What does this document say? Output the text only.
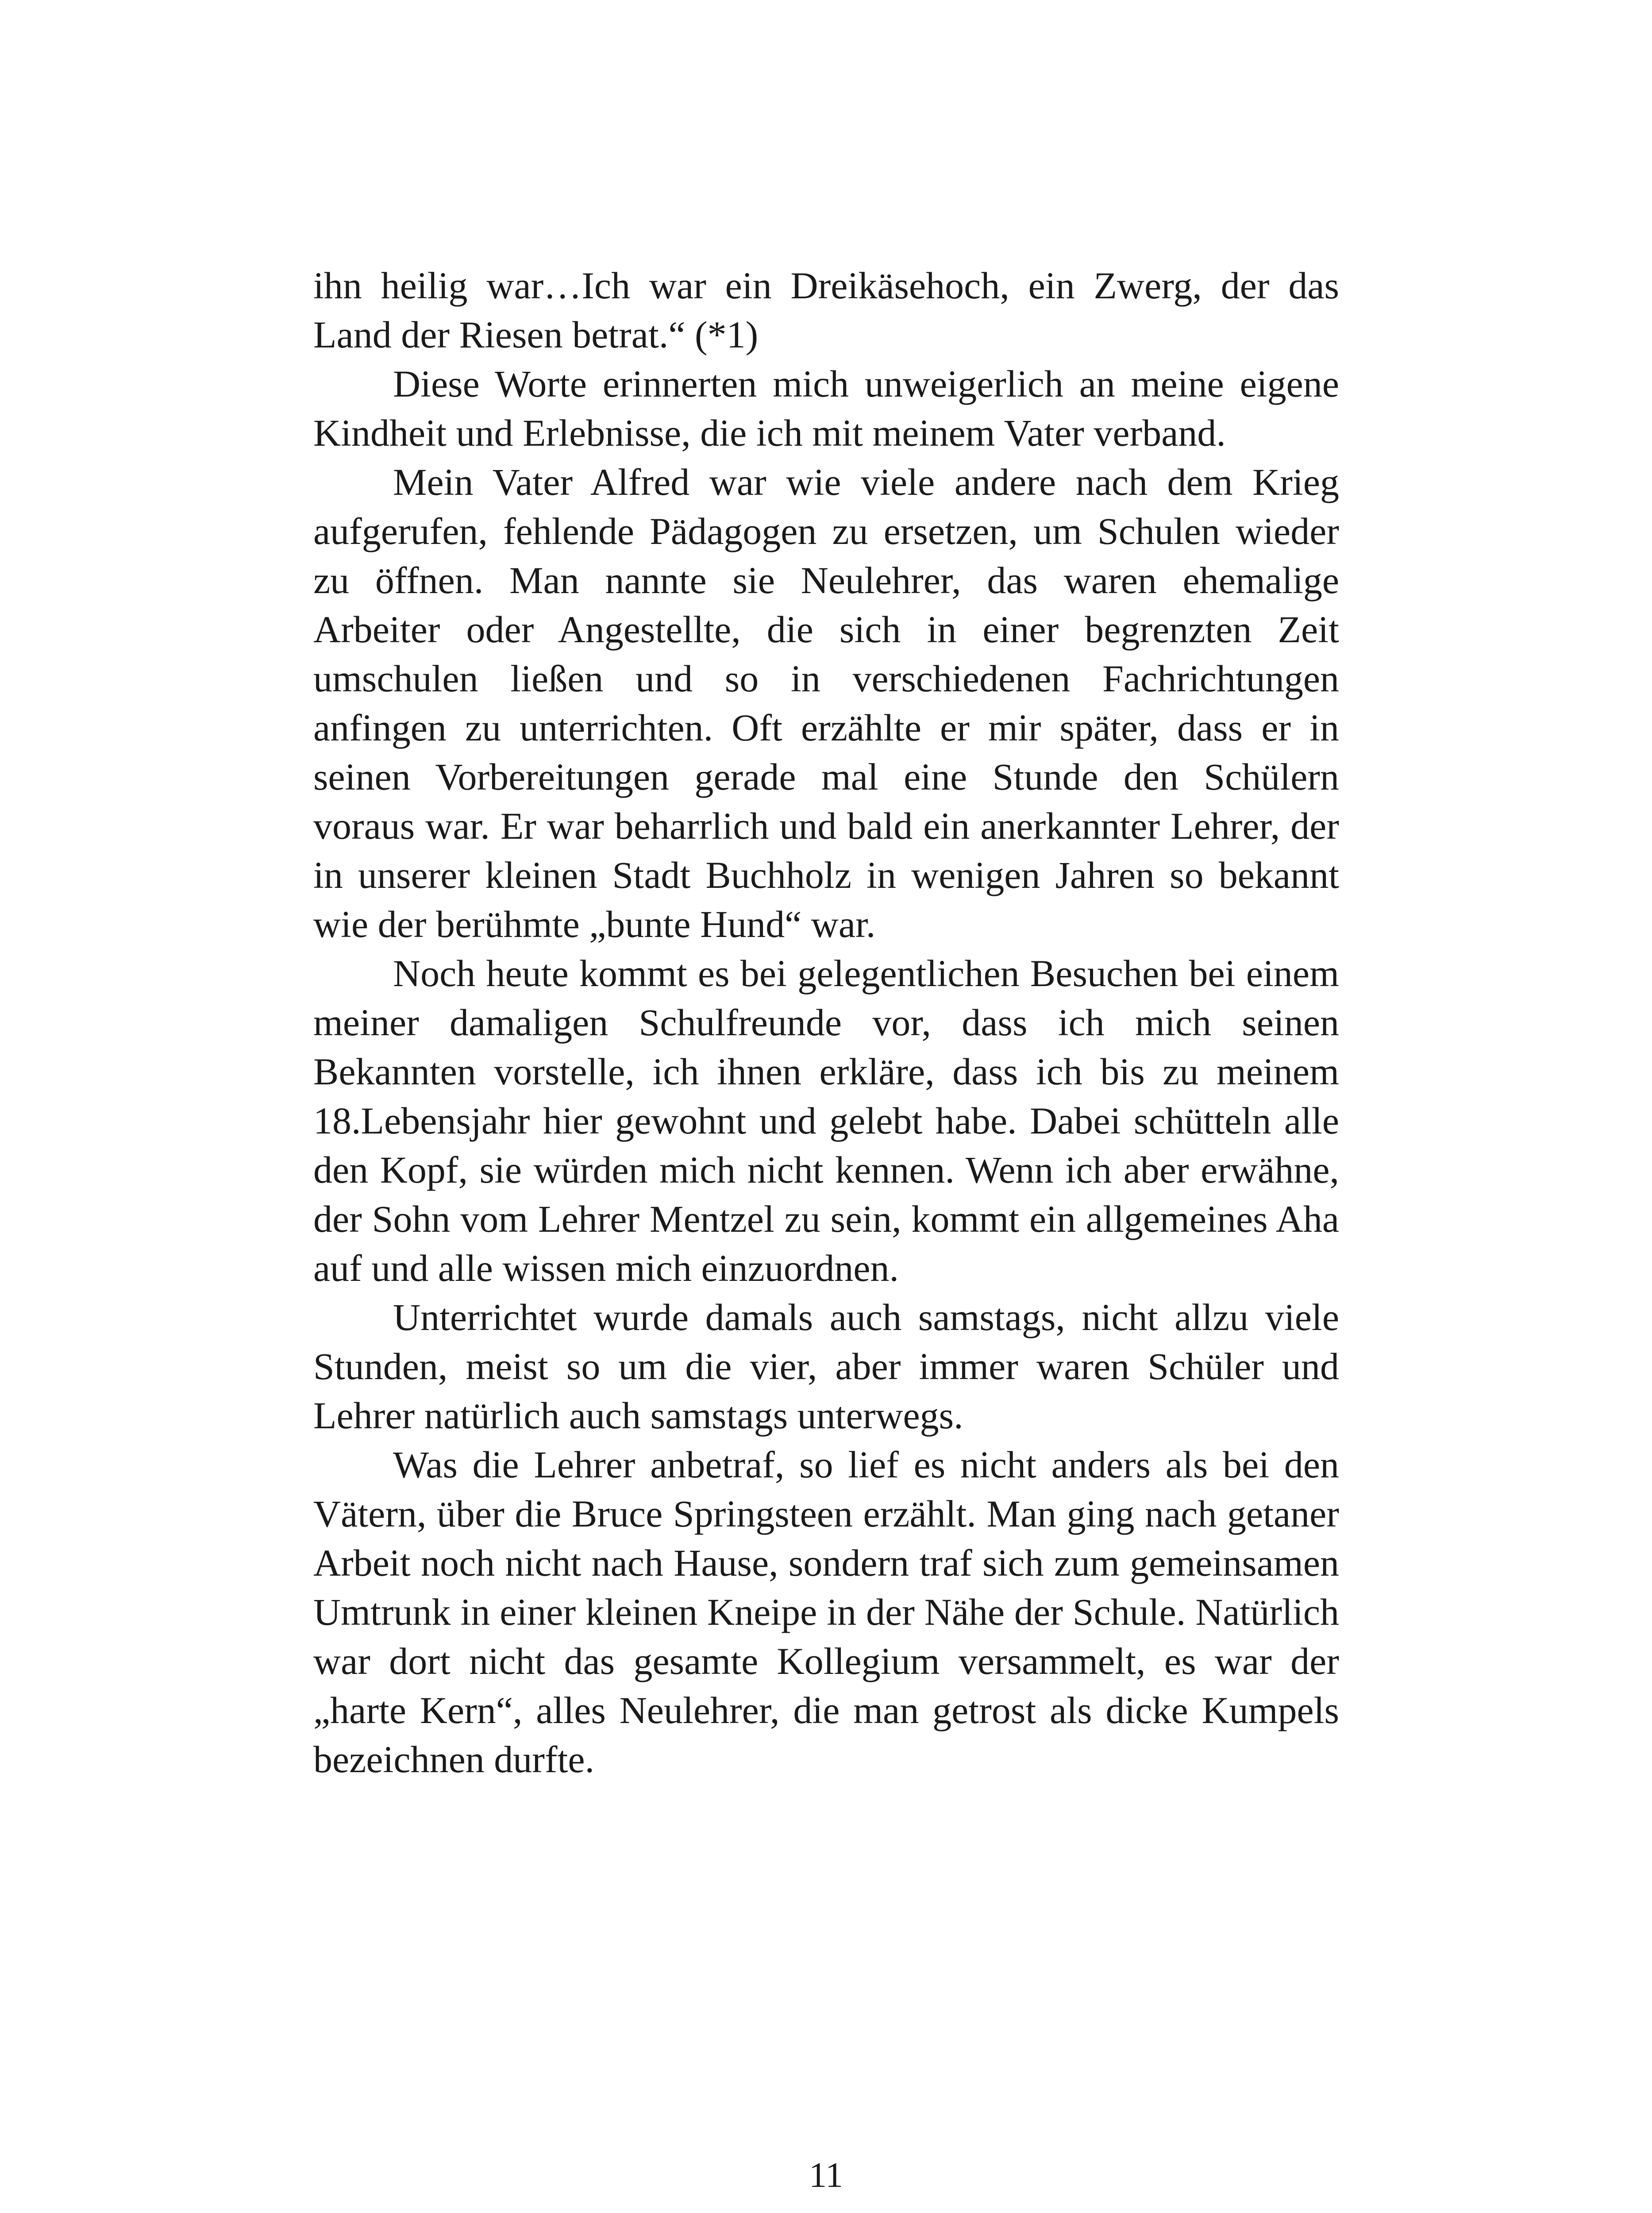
ihn heilig war…Ich war ein Dreikäsehoch, ein Zwerg, der das Land der Riesen betrat.“ (*1)

Diese Worte erinnerten mich unweigerlich an meine eigene Kindheit und Erlebnisse, die ich mit meinem Vater verband.

Mein Vater Alfred war wie viele andere nach dem Krieg aufgerufen, fehlende Pädagogen zu ersetzen, um Schulen wieder zu öffnen. Man nannte sie Neulehrer, das waren ehemalige Arbeiter oder Angestellte, die sich in einer begrenzten Zeit umschulen ließen und so in verschiedenen Fachrichtungen anfingen zu unterrichten. Oft erzählte er mir später, dass er in seinen Vorbereitungen gerade mal eine Stunde den Schülern voraus war. Er war beharrlich und bald ein anerkannter Lehrer, der in unserer kleinen Stadt Buchholz in wenigen Jahren so bekannt wie der berühmte „bunte Hund“ war.

Noch heute kommt es bei gelegentlichen Besuchen bei einem meiner damaligen Schulfreunde vor, dass ich mich seinen Bekannten vorstelle, ich ihnen erkläre, dass ich bis zu meinem 18.Lebensjahr hier gewohnt und gelebt habe. Dabei schütteln alle den Kopf, sie würden mich nicht kennen. Wenn ich aber erwähne, der Sohn vom Lehrer Mentzel zu sein, kommt ein allgemeines Aha auf und alle wissen mich einzuordnen.

Unterrichtet wurde damals auch samstags, nicht allzu viele Stunden, meist so um die vier, aber immer waren Schüler und Lehrer natürlich auch samstags unterwegs.

Was die Lehrer anbetraf, so lief es nicht anders als bei den Vätern, über die Bruce Springsteen erzählt. Man ging nach getaner Arbeit noch nicht nach Hause, sondern traf sich zum gemeinsamen Umtrunk in einer kleinen Kneipe in der Nähe der Schule. Natürlich war dort nicht das gesamte Kollegium versammelt, es war der „harte Kern“, alles Neulehrer, die man getrost als dicke Kumpels bezeichnen durfte.

11
